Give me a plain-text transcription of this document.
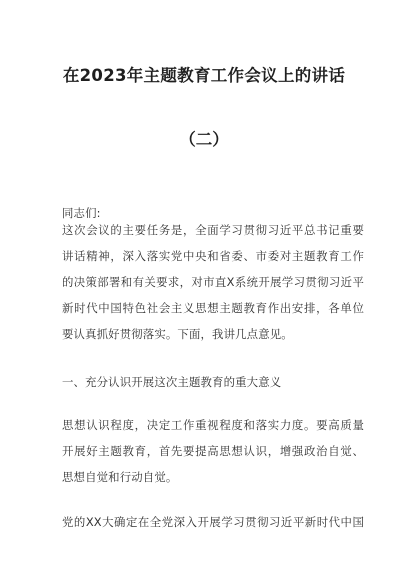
在2023年主题教育工作会议上的讲话
（二）
同志们:
这次会议的主要任务是，全面学习贯彻习近平总书记重要
讲话精神，深入落实党中央和省委、市委对主题教育工作
的决策部署和有关要求，对市直X系统开展学习贯彻习近平
新时代中国特色社会主义思想主题教育作出安排，各单位
要认真抓好贯彻落实。下面，我讲几点意见。
一、充分认识开展这次主题教育的重大意义
思想认识程度，决定工作重视程度和落实力度。要高质量
开展好主题教育，首先要提高思想认识，增强政治自觉、
思想自觉和行动自觉。
党的XX大确定在全党深入开展学习贯彻习近平新时代中国
